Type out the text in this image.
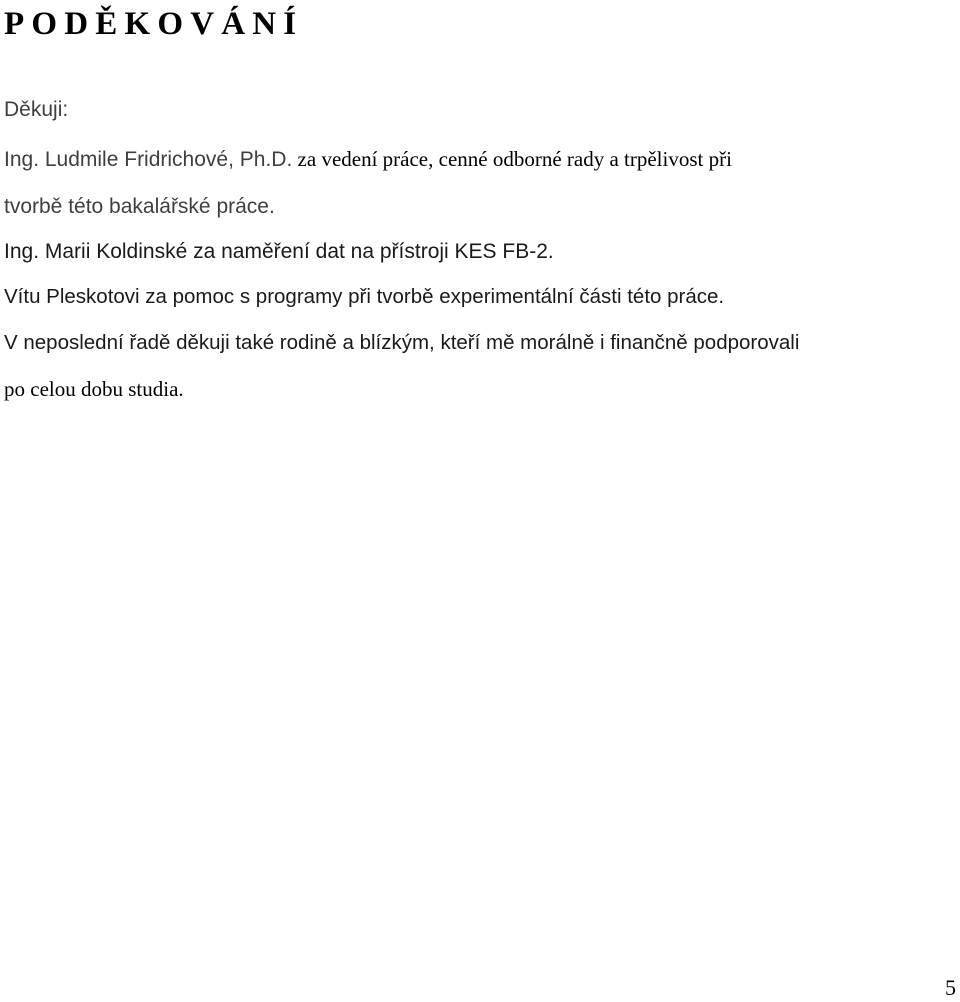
PODĚKOVÁNÍ

Děkuji:

Ing. Ludmile Fridrichové, Ph.D. za vedení práce, cenné odborné rady a trpělivost při

tvorbě této bakalářské práce.

Ing. Marii Koldinské za naměření dat na přístroji KES FB-2.

Vítu Pleskotovi za pomoc s programy při tvorbě experimentální části této práce.

V neposlední řadě děkuji také rodině a blízkým, kteří mě morálně i finančně podporovali

po celou dobu studia.

5
